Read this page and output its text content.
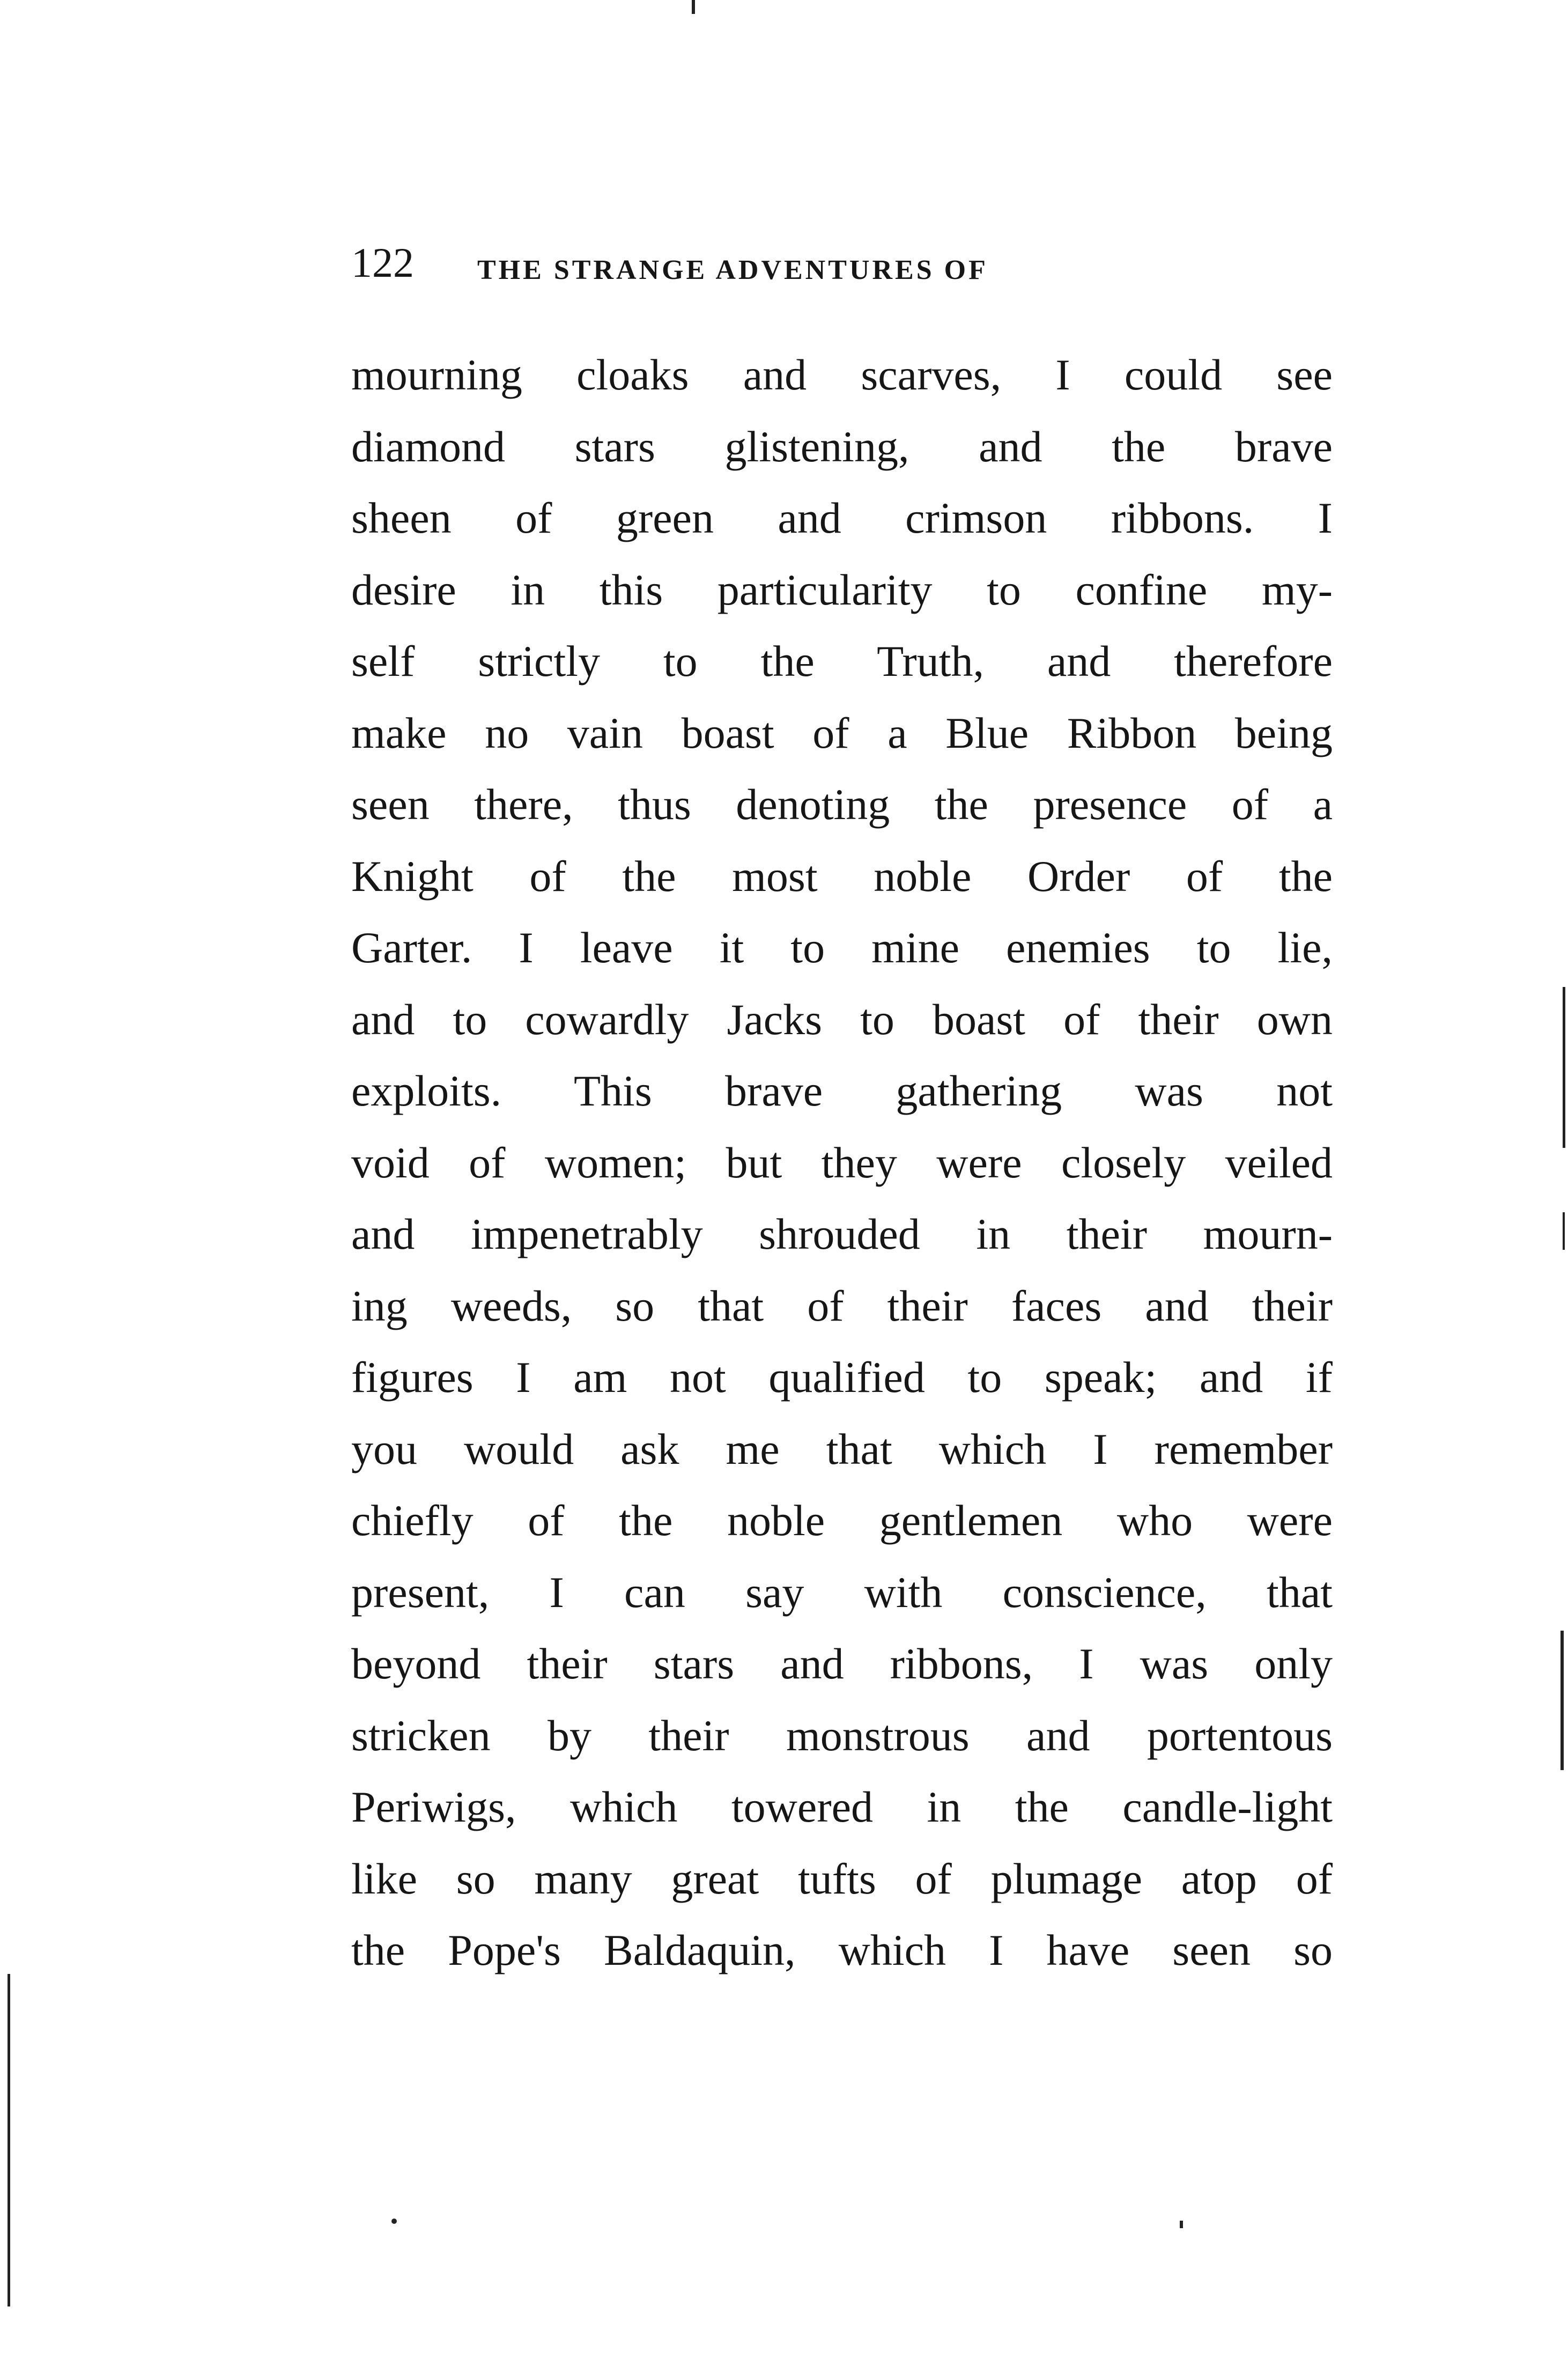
122 THE STRANGE ADVENTURES OF
mourning cloaks and scarves, I could see
diamond stars glistening, and the brave
sheen of green and crimson ribbons. I
desire in this particularity to confine my-
self strictly to the Truth, and therefore
make no vain boast of a Blue Ribbon being
seen there, thus denoting the presence of a
Knight of the most noble Order of the
Garter. I leave it to mine enemies to lie,
and to cowardly Jacks to boast of their own
exploits. This brave gathering was not
void of women; but they were closely veiled
and impenetrably shrouded in their mourn-
ing weeds, so that of their faces and their
figures I am not qualified to speak; and if
you would ask me that which I remember
chiefly of the noble gentlemen who were
present, I can say with conscience, that
beyond their stars and ribbons, I was only
stricken by their monstrous and portentous
Periwigs, which towered in the candle-light
like so many great tufts of plumage atop of
the Pope's Baldaquin, which I have seen so
